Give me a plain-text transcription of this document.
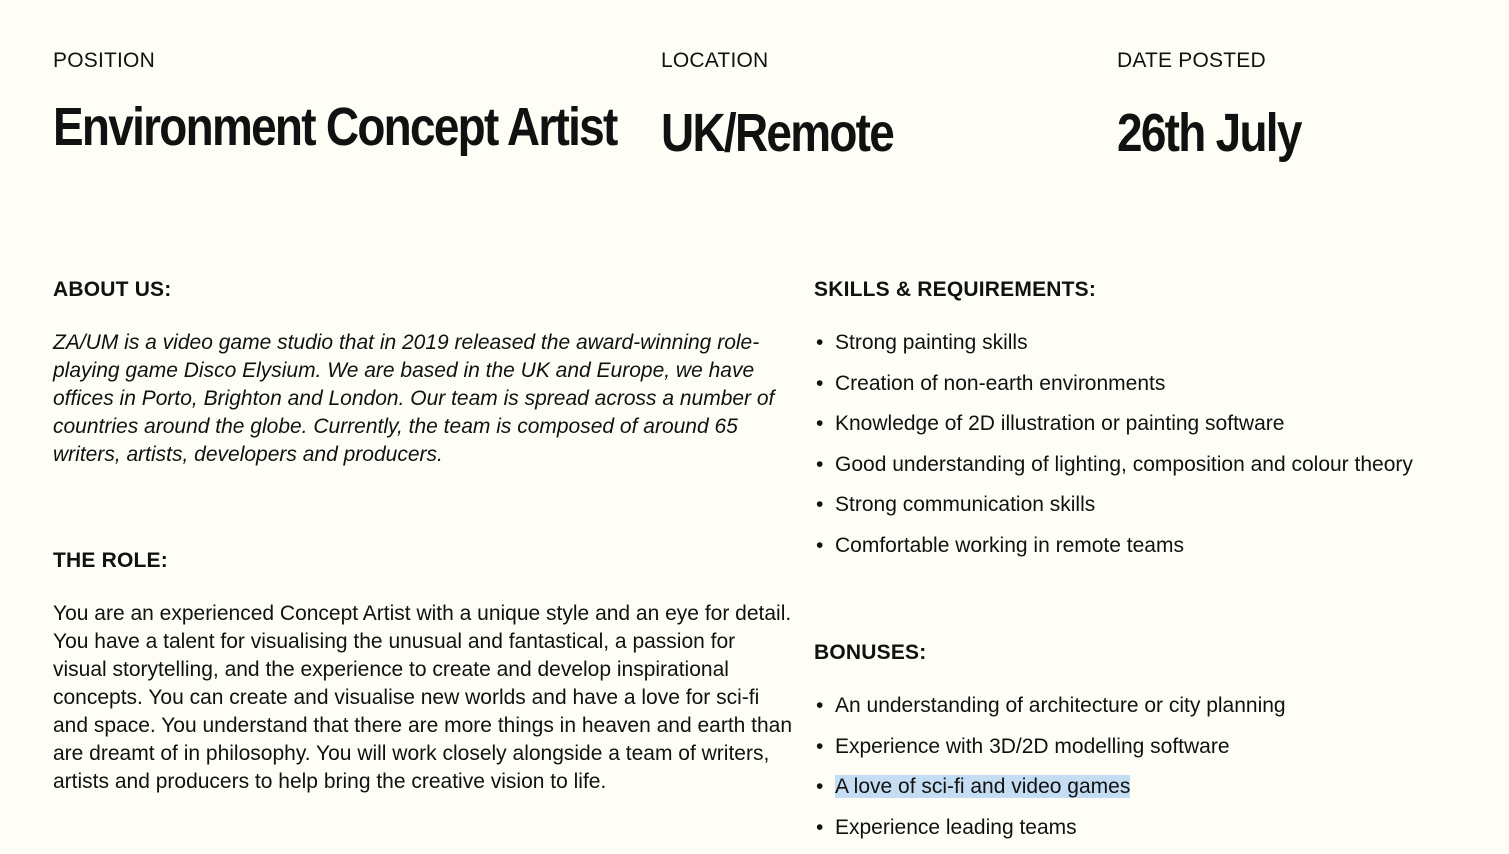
POSITION

Environment Concept Artist

LOCATION

UK/Remote

DATE POSTED

26th July
ABOUT US:

ZA/UM is a video game studio that in 2019 released the award-winning role-playing game Disco Elysium. We are based in the UK and Europe, we have offices in Porto, Brighton and London. Our team is spread across a number of countries around the globe. Currently, the team is composed of around 65 writers, artists, developers and producers.

THE ROLE:

You are an experienced Concept Artist with a unique style and an eye for detail. You have a talent for visualising the unusual and fantastical, a passion for visual storytelling, and the experience to create and develop inspirational concepts. You can create and visualise new worlds and have a love for sci-fi and space. You understand that there are more things in heaven and earth than are dreamt of in philosophy. You will work closely alongside a team of writers, artists and producers to help bring the creative vision to life.

SKILLS & REQUIREMENTS:
• Strong painting skills
• Creation of non-earth environments
• Knowledge of 2D illustration or painting software
• Good understanding of lighting, composition and colour theory
• Strong communication skills
• Comfortable working in remote teams
BONUSES:
• An understanding of architecture or city planning
• Experience with 3D/2D modelling software
• A love of sci-fi and video games
• Experience leading teams
